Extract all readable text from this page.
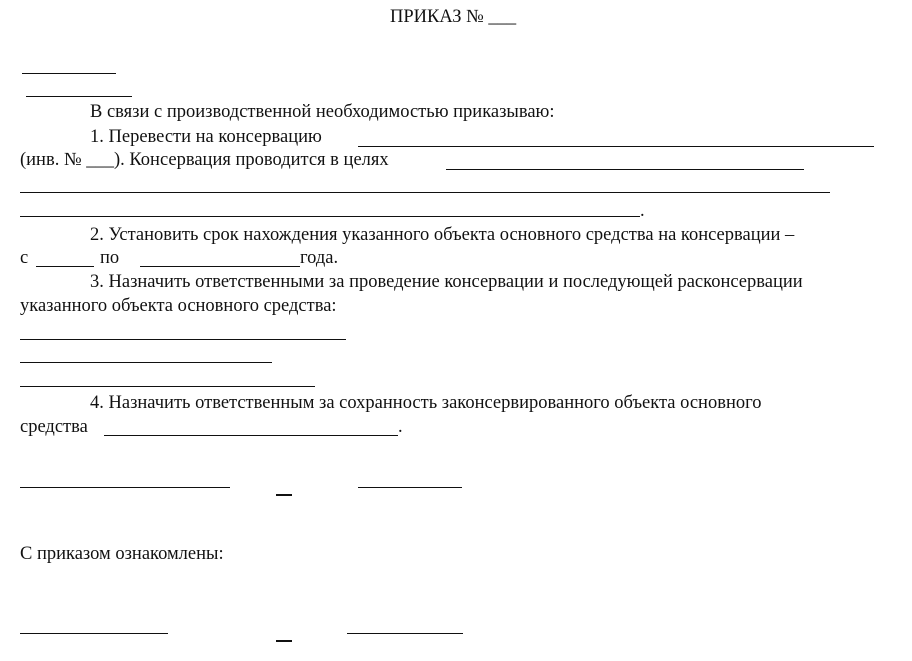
ПРИКАЗ № ___
В связи с производственной необходимостью приказываю:
1. Перевести на консервацию
(инв. № ___). Консервация проводится в целях
.
2. Установить срок нахождения указанного объекта основного средства на консервации –
с	по	года.
3. Назначить ответственными за проведение консервации и последующей расконсервации
указанного объекта основного средства:
4. Назначить ответственным за сохранность законсервированного объекта основного
средства	.
С приказом ознакомлены:
